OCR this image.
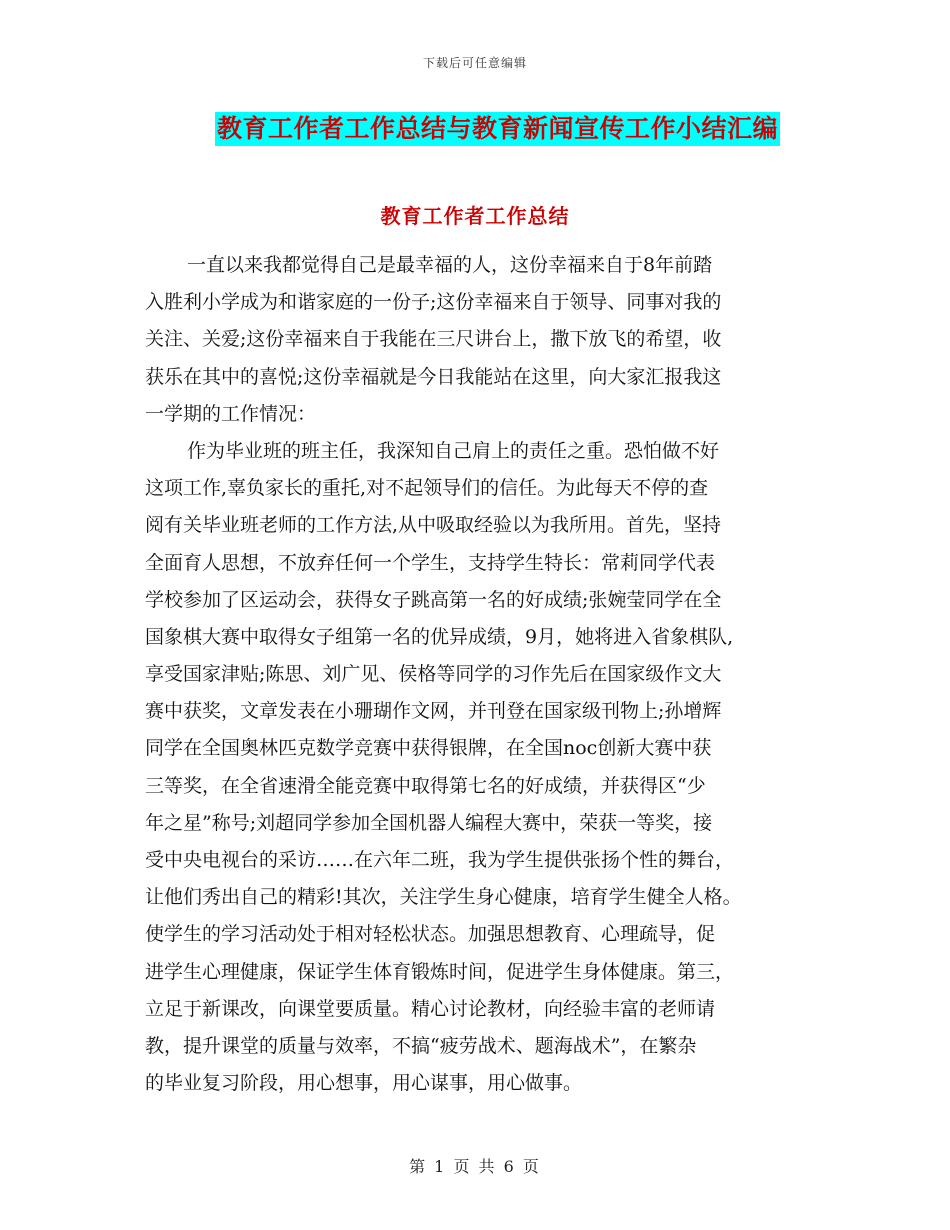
下载后可任意编辑
教育工作者工作总结与教育新闻宣传工作小结汇编
教育工作者工作总结
一直以来我都觉得自己是最幸福的人，这份幸福来自于8年前踏
入胜利小学成为和谐家庭的一份子;这份幸福来自于领导、同事对我的
关注、关爱;这份幸福来自于我能在三尺讲台上，撒下放飞的希望，收
获乐在其中的喜悦;这份幸福就是今日我能站在这里，向大家汇报我这
一学期的工作情况：
作为毕业班的班主任，我深知自己肩上的责任之重。恐怕做不好
这项工作,辜负家长的重托,对不起领导们的信任。为此每天不停的查
阅有关毕业班老师的工作方法,从中吸取经验以为我所用。首先，坚持
全面育人思想，不放弃任何一个学生，支持学生特长：常莉同学代表
学校参加了区运动会，获得女子跳高第一名的好成绩;张婉莹同学在全
国象棋大赛中取得女子组第一名的优异成绩，9月，她将进入省象棋队,
享受国家津贴;陈思、刘广见、侯格等同学的习作先后在国家级作文大
赛中获奖，文章发表在小珊瑚作文网，并刊登在国家级刊物上;孙增辉
同学在全国奥林匹克数学竞赛中获得银牌，在全国noc创新大赛中获
三等奖，在全省速滑全能竞赛中取得第七名的好成绩，并获得区“少
年之星”称号;刘超同学参加全国机器人编程大赛中，荣获一等奖，接
受中央电视台的采访……在六年二班，我为学生提供张扬个性的舞台，
让他们秀出自己的精彩!其次，关注学生身心健康，培育学生健全人格。
使学生的学习活动处于相对轻松状态。加强思想教育、心理疏导，促
进学生心理健康，保证学生体育锻炼时间，促进学生身体健康。第三，
立足于新课改，向课堂要质量。精心讨论教材，向经验丰富的老师请
教，提升课堂的质量与效率，不搞“疲劳战术、题海战术”，在繁杂
的毕业复习阶段，用心想事，用心谋事，用心做事。
第 1 页 共 6 页
